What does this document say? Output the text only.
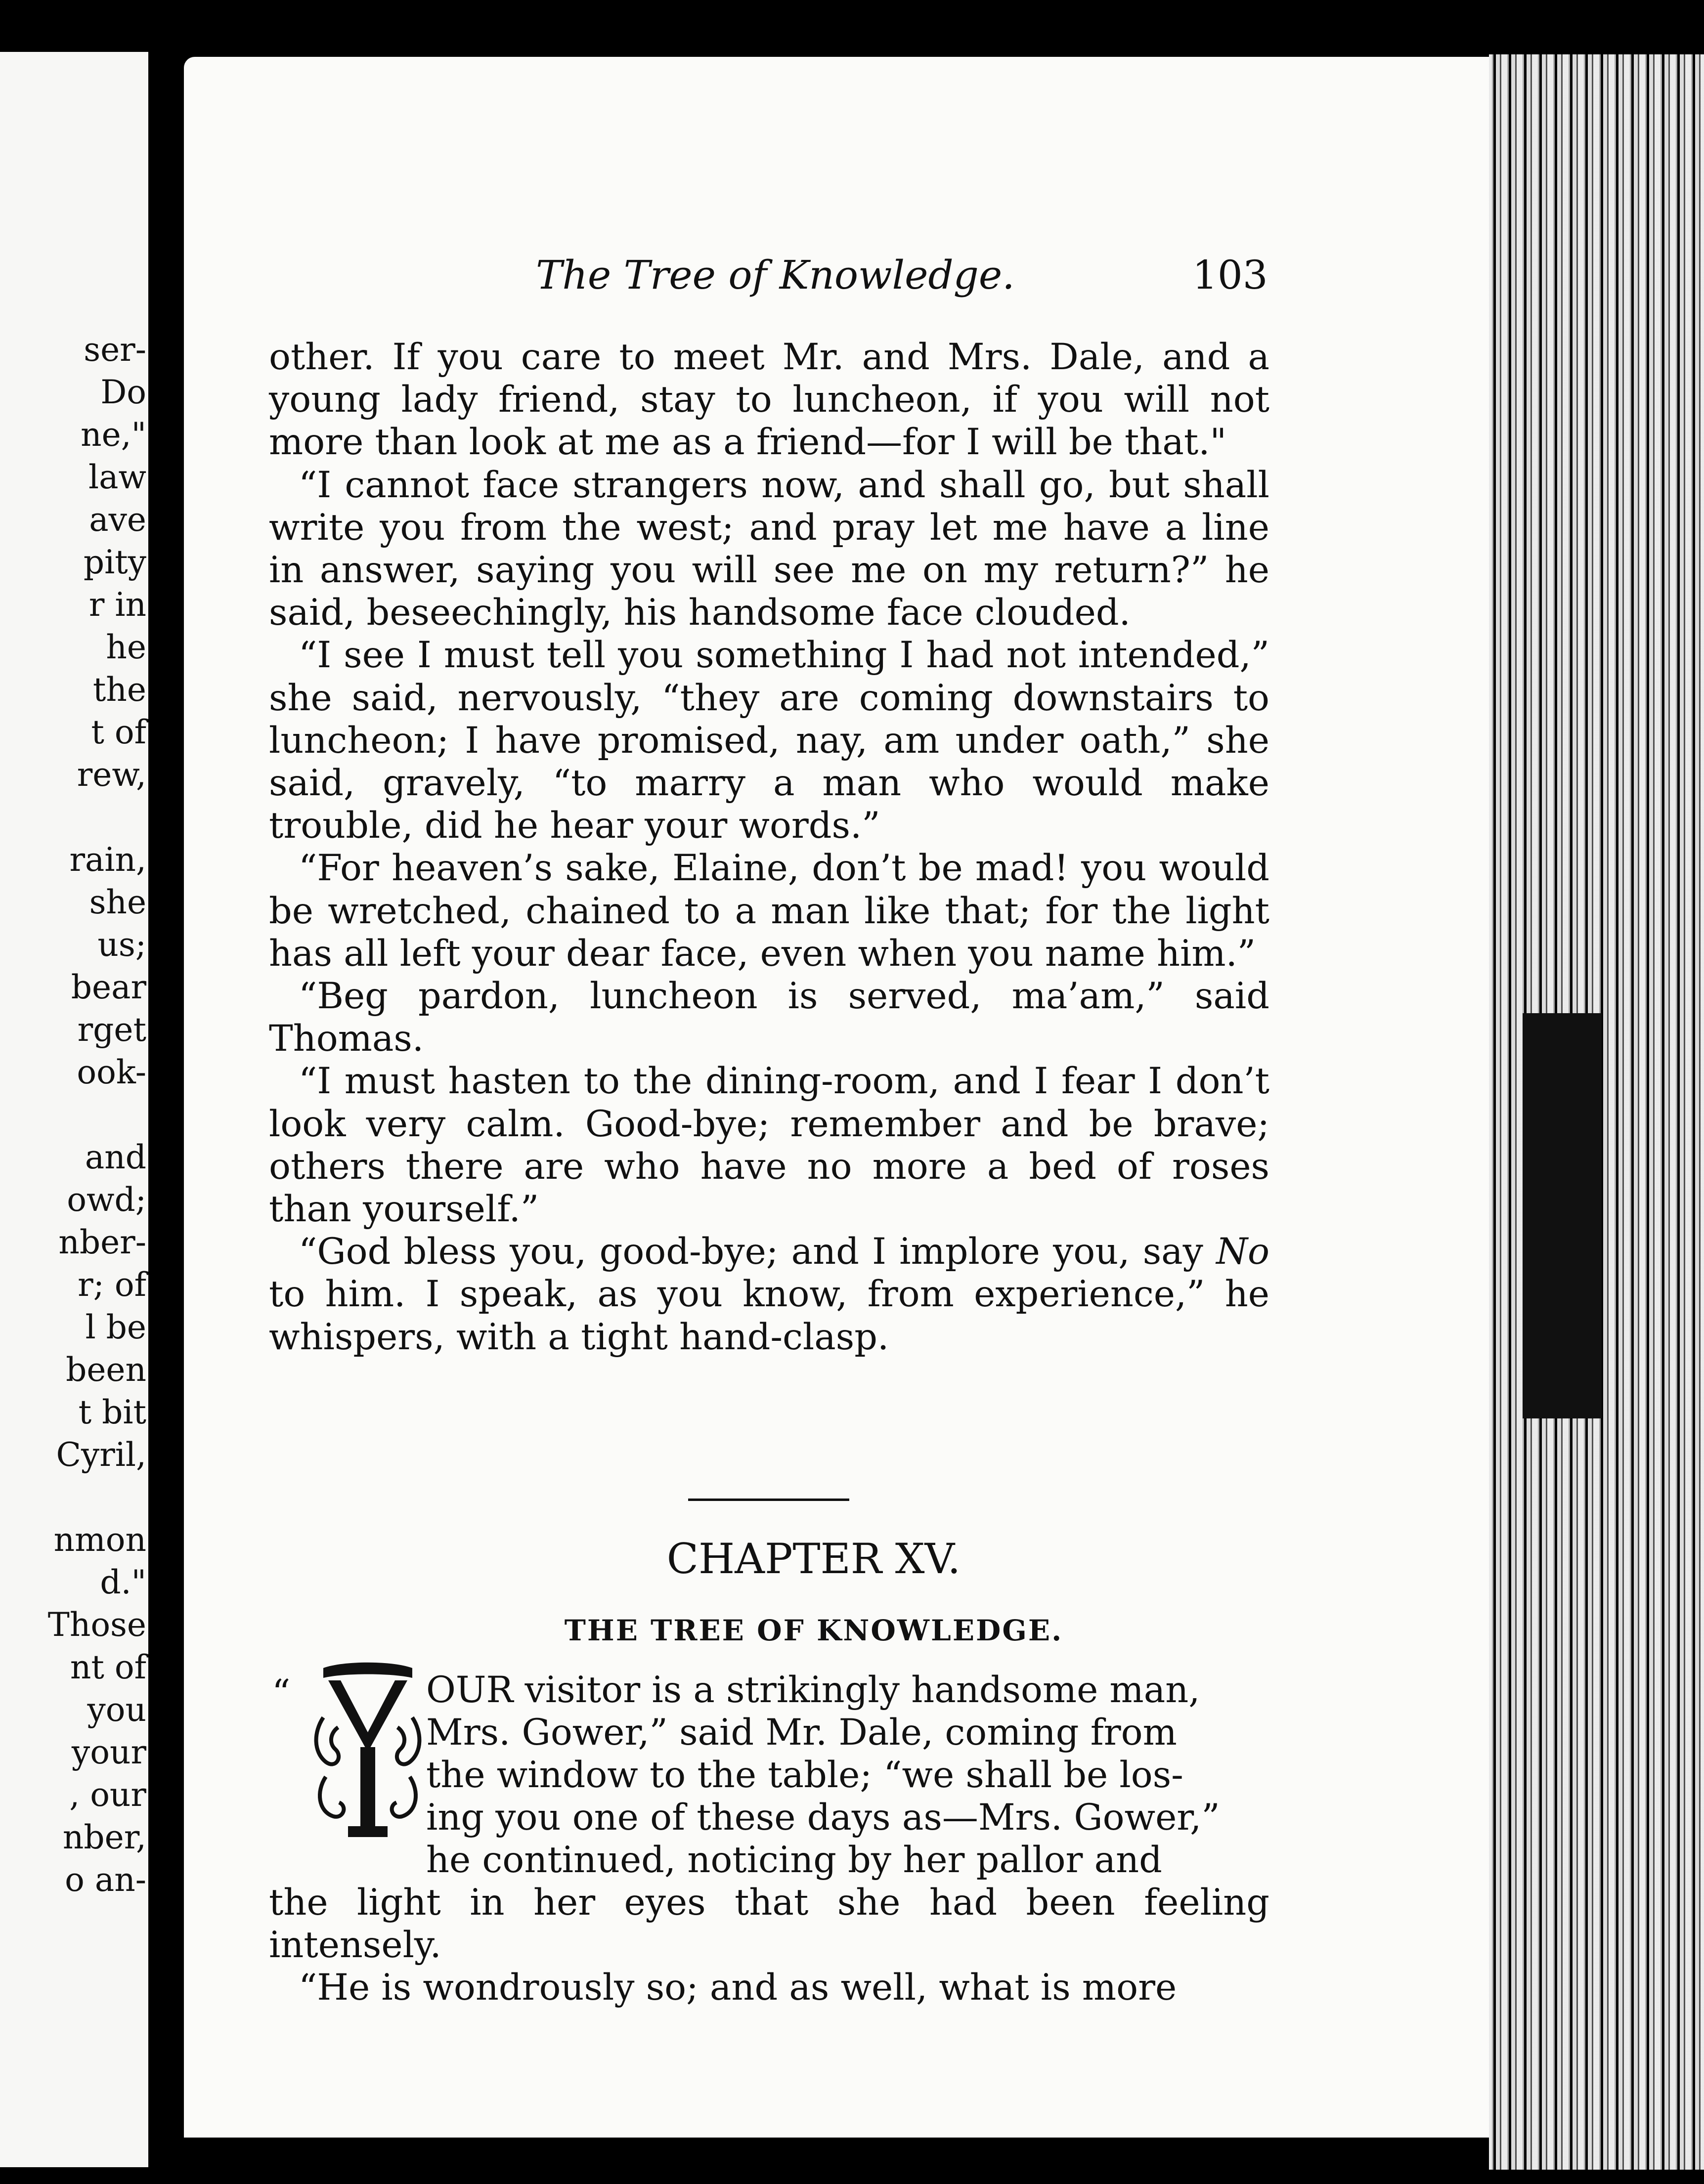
ser-
Do
ne,"
law
ave
pity
r in
he
the
t of
rew,
rain,
she
us;
bear
rget
ook-
and
owd;
nber-
r; of
l be
been
t bit
Cyril,
nmon
d."
Those
nt of
you
your
, our
nber,
o an-
The Tree of Knowledge.	103

other. If you care to meet Mr. and Mrs. Dale, and a young lady friend, stay to luncheon, if you will not more than look at me as a friend—for I will be that."

“I cannot face strangers now, and shall go, but shall write you from the west; and pray let me have a line in answer, saying you will see me on my return?” he said, beseechingly, his handsome face clouded.

“I see I must tell you something I had not intended,” she said, nervously, “they are coming downstairs to luncheon; I have promised, nay, am under oath,” she said, gravely, “to marry a man who would make trouble, did he hear your words.”

“For heaven’s sake, Elaine, don’t be mad! you would be wretched, chained to a man like that; for the light has all left your dear face, even when you name him.”

“Beg pardon, luncheon is served, ma’am,” said Thomas.

“I must hasten to the dining-room, and I fear I don’t look very calm. Good-bye; remember and be brave; others there are who have no more a bed of roses than yourself.”

“God bless you, good-bye; and I implore you, say No to him. I speak, as you know, from experience,” he whispers, with a tight hand-clasp.

CHAPTER XV.
THE TREE OF KNOWLEDGE.
“	OUR visitor is a strikingly handsome man,
Mrs. Gower,” said Mr. Dale, coming from
the window to the table; “we shall be los-
ing you one of these days as—Mrs. Gower,”
he continued, noticing by her pallor and

the light in her eyes that she had been feeling intensely.

“He is wondrously so; and as well, what is more
